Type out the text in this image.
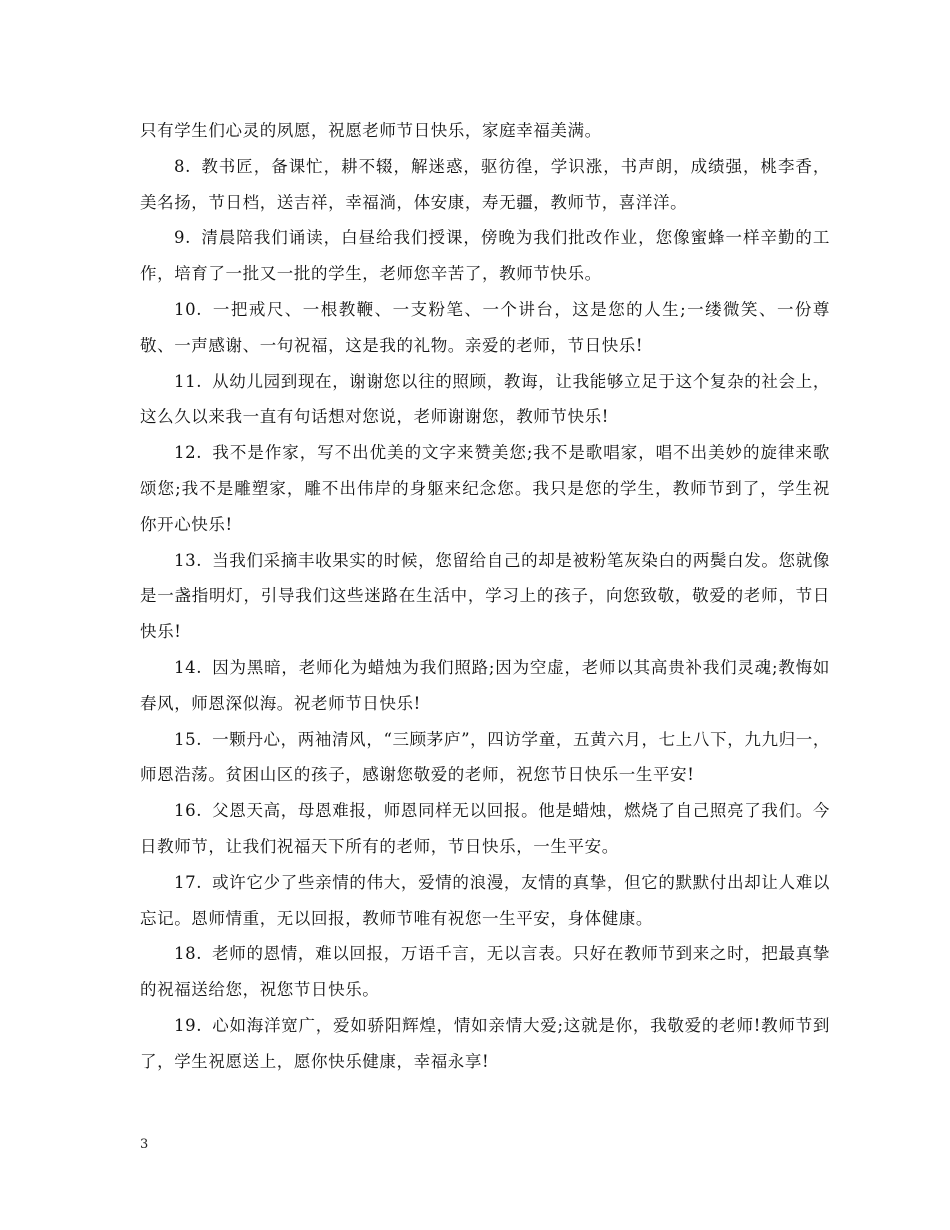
只有学生们心灵的夙愿，祝愿老师节日快乐，家庭幸福美满。

8. 教书匠，备课忙，耕不辍，解迷惑，驱彷徨，学识涨，书声朗，成绩强，桃李香，美名扬，节日档，送吉祥，幸福淌，体安康，寿无疆，教师节，喜洋洋。

9. 清晨陪我们诵读，白昼给我们授课，傍晚为我们批改作业，您像蜜蜂一样辛勤的工作，培育了一批又一批的学生，老师您辛苦了，教师节快乐。

10. 一把戒尺、一根教鞭、一支粉笔、一个讲台，这是您的人生;一缕微笑、一份尊敬、一声感谢、一句祝福，这是我的礼物。亲爱的老师，节日快乐!

11. 从幼儿园到现在，谢谢您以往的照顾，教诲，让我能够立足于这个复杂的社会上，这么久以来我一直有句话想对您说，老师谢谢您，教师节快乐!

12. 我不是作家，写不出优美的文字来赞美您;我不是歌唱家，唱不出美妙的旋律来歌颂您;我不是雕塑家，雕不出伟岸的身躯来纪念您。我只是您的学生，教师节到了，学生祝你开心快乐!

13. 当我们采摘丰收果实的时候，您留给自己的却是被粉笔灰染白的两鬓白发。您就像是一盏指明灯，引导我们这些迷路在生活中，学习上的孩子，向您致敬，敬爱的老师，节日快乐!

14. 因为黑暗，老师化为蜡烛为我们照路;因为空虚，老师以其高贵补我们灵魂;教悔如春风，师恩深似海。祝老师节日快乐!

15. 一颗丹心，两袖清风，“三顾茅庐”，四访学童，五黄六月，七上八下，九九归一，师恩浩荡。贫困山区的孩子，感谢您敬爱的老师，祝您节日快乐一生平安!

16. 父恩天高，母恩难报，师恩同样无以回报。他是蜡烛，燃烧了自己照亮了我们。今日教师节，让我们祝福天下所有的老师，节日快乐，一生平安。

17. 或许它少了些亲情的伟大，爱情的浪漫，友情的真挚，但它的默默付出却让人难以忘记。恩师情重，无以回报，教师节唯有祝您一生平安，身体健康。

18. 老师的恩情，难以回报，万语千言，无以言表。只好在教师节到来之时，把最真挚的祝福送给您，祝您节日快乐。

19. 心如海洋宽广，爱如骄阳辉煌，情如亲情大爱;这就是你，我敬爱的老师!教师节到了，学生祝愿送上，愿你快乐健康，幸福永享!

3
